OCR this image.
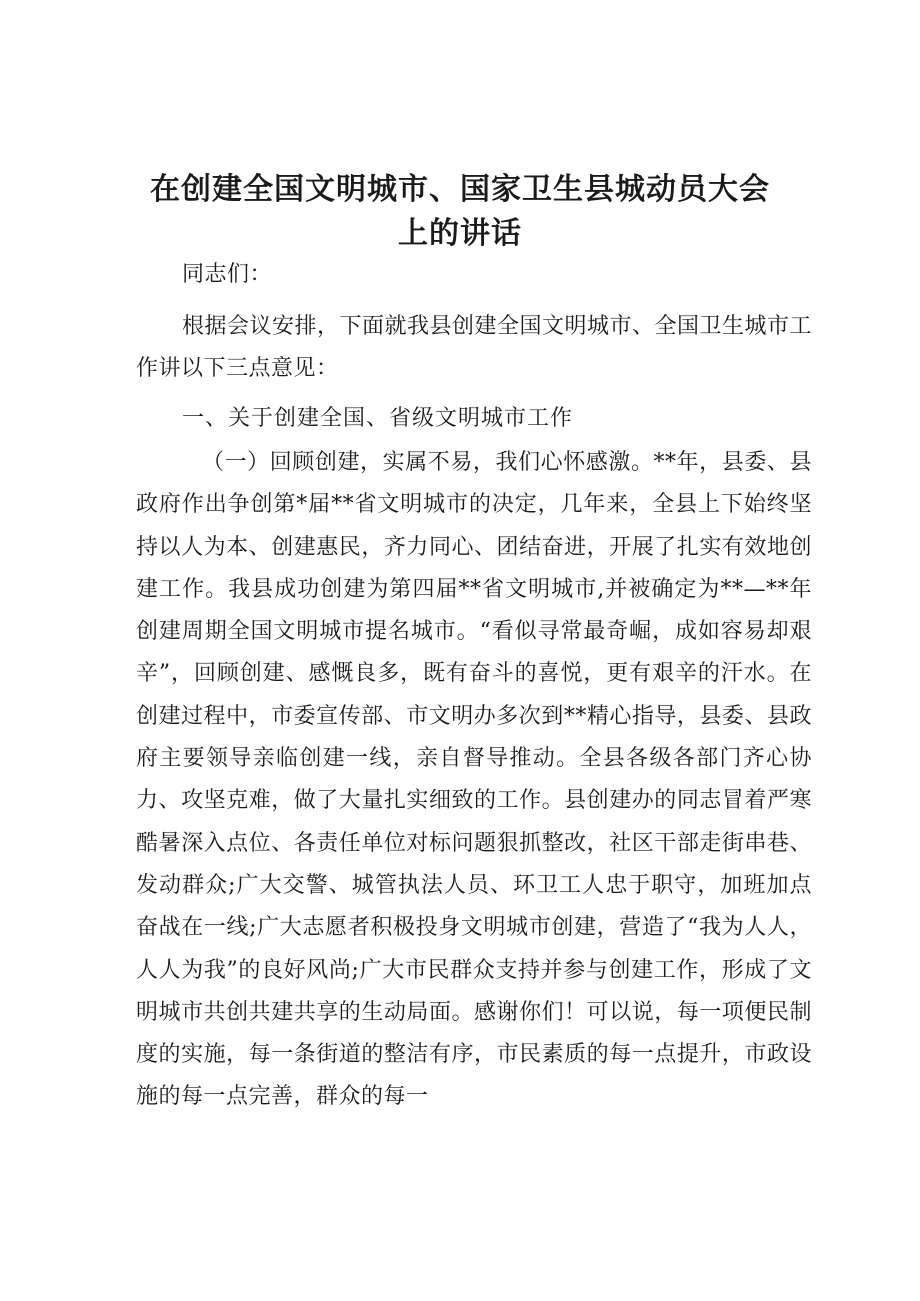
在创建全国文明城市、国家卫生县城动员大会
上的讲话

同志们：

根据会议安排，下面就我县创建全国文明城市、全国卫生城市工作讲以下三点意见：

一、关于创建全国、省级文明城市工作

（一）回顾创建，实属不易，我们心怀感激。**年，县委、县政府作出争创第*届**省文明城市的决定，几年来，全县上下始终坚持以人为本、创建惠民，齐力同心、团结奋进，开展了扎实有效地创建工作。我县成功创建为第四届**省文明城市,并被确定为**—**年创建周期全国文明城市提名城市。“看似寻常最奇崛，成如容易却艰辛”，回顾创建、感慨良多，既有奋斗的喜悦，更有艰辛的汗水。在创建过程中，市委宣传部、市文明办多次到**精心指导，县委、县政府主要领导亲临创建一线，亲自督导推动。全县各级各部门齐心协力、攻坚克难，做了大量扎实细致的工作。县创建办的同志冒着严寒酷暑深入点位、各责任单位对标问题狠抓整改，社区干部走街串巷、发动群众;广大交警、城管执法人员、环卫工人忠于职守，加班加点奋战在一线;广大志愿者积极投身文明城市创建，营造了“我为人人，人人为我”的良好风尚;广大市民群众支持并参与创建工作，形成了文明城市共创共建共享的生动局面。感谢你们！可以说，每一项便民制度的实施，每一条街道的整洁有序，市民素质的每一点提升，市政设施的每一点完善，群众的每一
